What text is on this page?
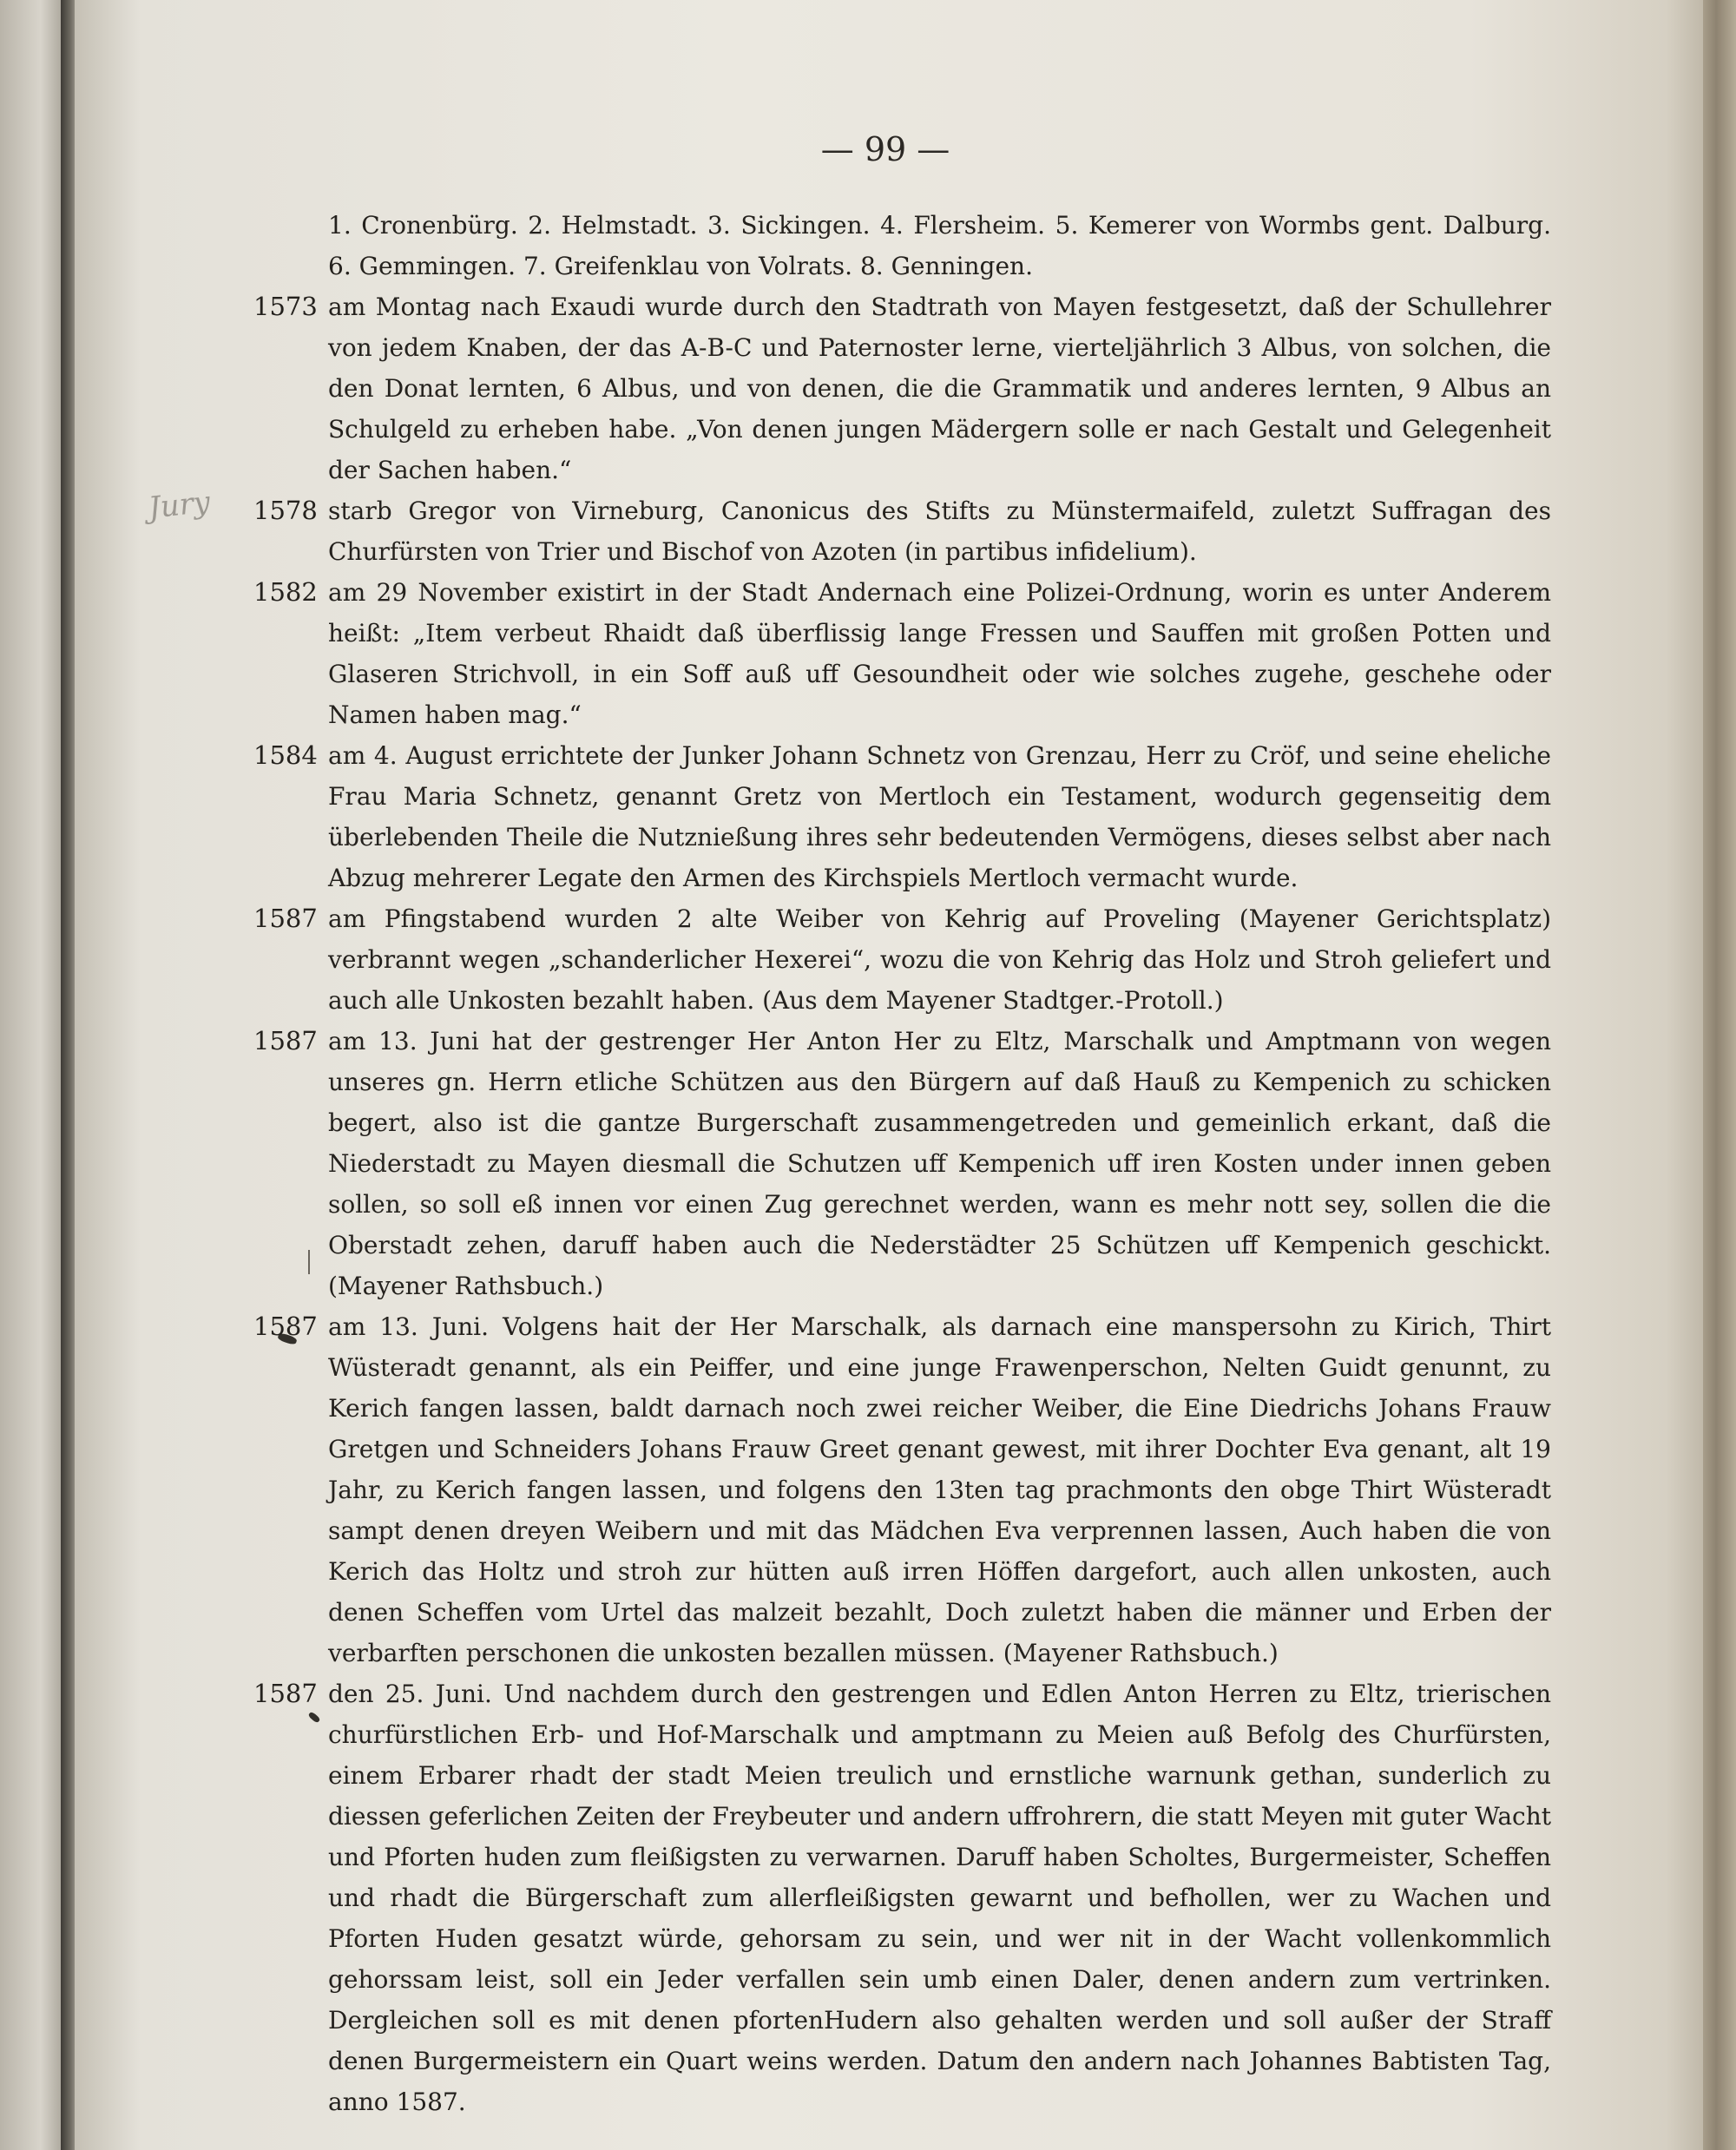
— 99 —
Jury

1. Cronenbürg. 2. Helmstadt. 3. Sickingen. 4. Flersheim. 5. Kemerer von Wormbs gent. Dalburg. 6. Gemmingen. 7. Greifenklau von Volrats. 8. Genningen.

1573 am Montag nach Exaudi wurde durch den Stadtrath von Mayen festgesetzt, daß der Schullehrer von jedem Knaben, der das A-B-C und Paternoster lerne, vierteljährlich 3 Albus, von solchen, die den Donat lernten, 6 Albus, und von denen, die die Grammatik und anderes lernten, 9 Albus an Schulgeld zu erheben habe. „Von denen jungen Mädergern solle er nach Gestalt und Gelegenheit der Sachen haben.“

1578 starb Gregor von Virneburg, Canonicus des Stifts zu Münstermaifeld, zuletzt Suffragan des Churfürsten von Trier und Bischof von Azoten (in partibus infidelium).

1582 am 29 November existirt in der Stadt Andernach eine Polizei-Ordnung, worin es unter Anderem heißt: „Item verbeut Rhaidt daß überflissig lange Fressen und Sauffen mit großen Potten und Glaseren Strichvoll, in ein Soff auß uff Gesoundheit oder wie solches zugehe, geschehe oder Namen haben mag.“

1584 am 4. August errichtete der Junker Johann Schnetz von Grenzau, Herr zu Cröf, und seine eheliche Frau Maria Schnetz, genannt Gretz von Mertloch ein Testament, wodurch gegenseitig dem überlebenden Theile die Nutznießung ihres sehr bedeutenden Vermögens, dieses selbst aber nach Abzug mehrerer Legate den Armen des Kirchspiels Mertloch vermacht wurde.

1587 am Pfingstabend wurden 2 alte Weiber von Kehrig auf Proveling (Mayener Gerichtsplatz) verbrannt wegen „schanderlicher Hexerei“, wozu die von Kehrig das Holz und Stroh geliefert und auch alle Unkosten bezahlt haben. (Aus dem Mayener Stadtger.-Protoll.)

1587 am 13. Juni hat der gestrenger Her Anton Her zu Eltz, Marschalk und Amptmann von wegen unseres gn. Herrn etliche Schützen aus den Bürgern auf daß Hauß zu Kempenich zu schicken begert, also ist die gantze Burgerschaft zusammengetreden und gemeinlich erkant, daß die Niederstadt zu Mayen diesmall die Schutzen uff Kempenich uff iren Kosten under innen geben sollen, so soll eß innen vor einen Zug gerechnet werden, wann es mehr nott sey, sollen die die Oberstadt zehen, daruff haben auch die Nederstädter 25 Schützen uff Kempenich geschickt. (Mayener Rathsbuch.)

1587 am 13. Juni. Volgens hait der Her Marschalk, als darnach eine manspersohn zu Kirich, Thirt Wüsteradt genannt, als ein Peiffer, und eine junge Frawenperschon, Nelten Guidt genunnt, zu Kerich fangen lassen, baldt darnach noch zwei reicher Weiber, die Eine Diedrichs Johans Frauw Gretgen und Schneiders Johans Frauw Greet genant gewest, mit ihrer Dochter Eva genant, alt 19 Jahr, zu Kerich fangen lassen, und folgens den 13ten tag prachmonts den obge Thirt Wüsteradt sampt denen dreyen Weibern und mit das Mädchen Eva verprennen lassen, Auch haben die von Kerich das Holtz und stroh zur hütten auß irren Höffen dargefort, auch allen unkosten, auch denen Scheffen vom Urtel das malzeit bezahlt, Doch zuletzt haben die männer und Erben der verbarften perschonen die unkosten bezallen müssen. (Mayener Rathsbuch.)

1587 den 25. Juni. Und nachdem durch den gestrengen und Edlen Anton Herren zu Eltz, trierischen churfürstlichen Erb- und Hof-Marschalk und amptmann zu Meien auß Befolg des Churfürsten, einem Erbarer rhadt der stadt Meien treulich und ernstliche warnunk gethan, sunderlich zu diessen geferlichen Zeiten der Freybeuter und andern uffrohrern, die statt Meyen mit guter Wacht und Pforten huden zum fleißigsten zu verwarnen. Daruff haben Scholtes, Burgermeister, Scheffen und rhadt die Bürgerschaft zum allerfleißigsten gewarnt und befhollen, wer zu Wachen und Pforten Huden gesatzt würde, gehorsam zu sein, und wer nit in der Wacht vollenkommlich gehorssam leist, soll ein Jeder verfallen sein umb einen Daler, denen andern zum vertrinken. Dergleichen soll es mit denen pfortenHudern also gehalten werden und soll außer der Straff denen Burgermeistern ein Quart weins werden. Datum den andern nach Johannes Babtisten Tag, anno 1587.
